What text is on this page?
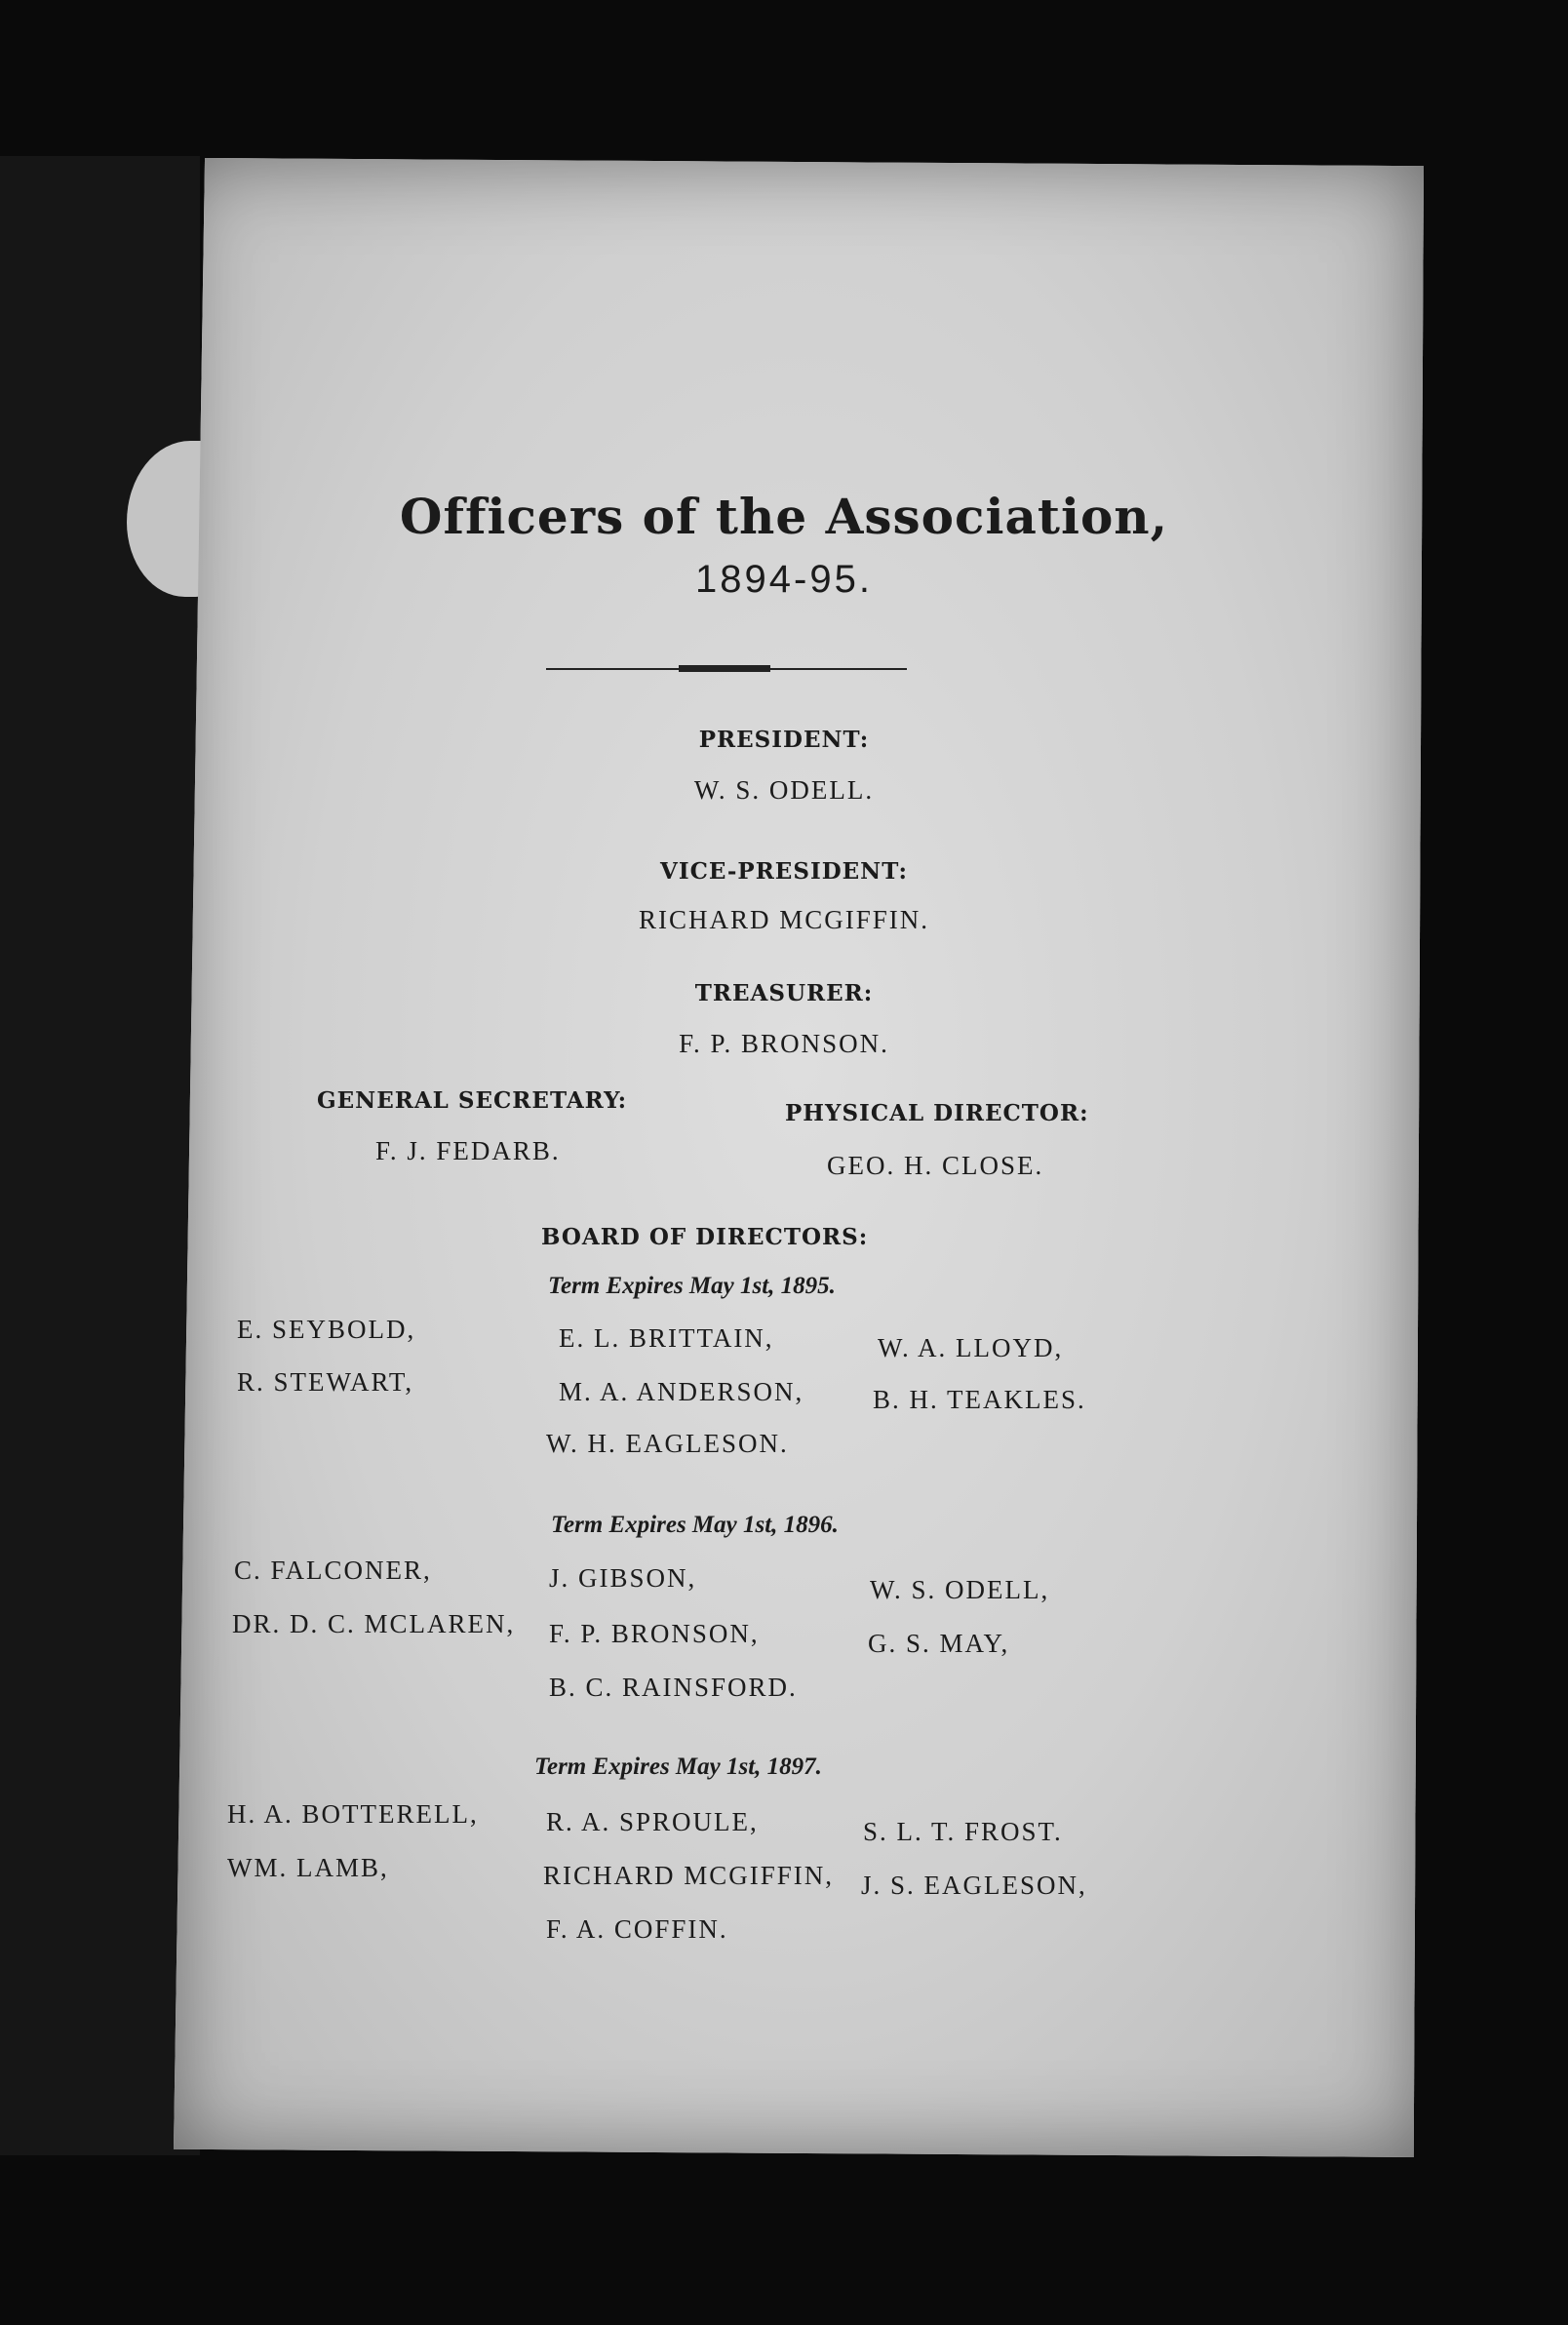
Officers of the Association,
1894-95.
PRESIDENT:
W. S. ODELL.
VICE-PRESIDENT:
RICHARD MCGIFFIN.
TREASURER:
F. P. BRONSON.
GENERAL SECRETARY:
F. J. FEDARB.
PHYSICAL DIRECTOR:
GEO. H. CLOSE.
BOARD OF DIRECTORS:
Term Expires May 1st, 1895.
E. SEYBOLD,
R. STEWART,
E. L. BRITTAIN,
M. A. ANDERSON,
W. H. EAGLESON.
W. A. LLOYD,
B. H. TEAKLES.
Term Expires May 1st, 1896.
C. FALCONER,
DR. D. C. MCLAREN,
J. GIBSON,
F. P. BRONSON,
B. C. RAINSFORD.
W. S. ODELL,
G. S. MAY,
Term Expires May 1st, 1897.
H. A. BOTTERELL,
WM. LAMB,
R. A. SPROULE,
RICHARD MCGIFFIN,
F. A. COFFIN.
S. L. T. FROST.
J. S. EAGLESON,
